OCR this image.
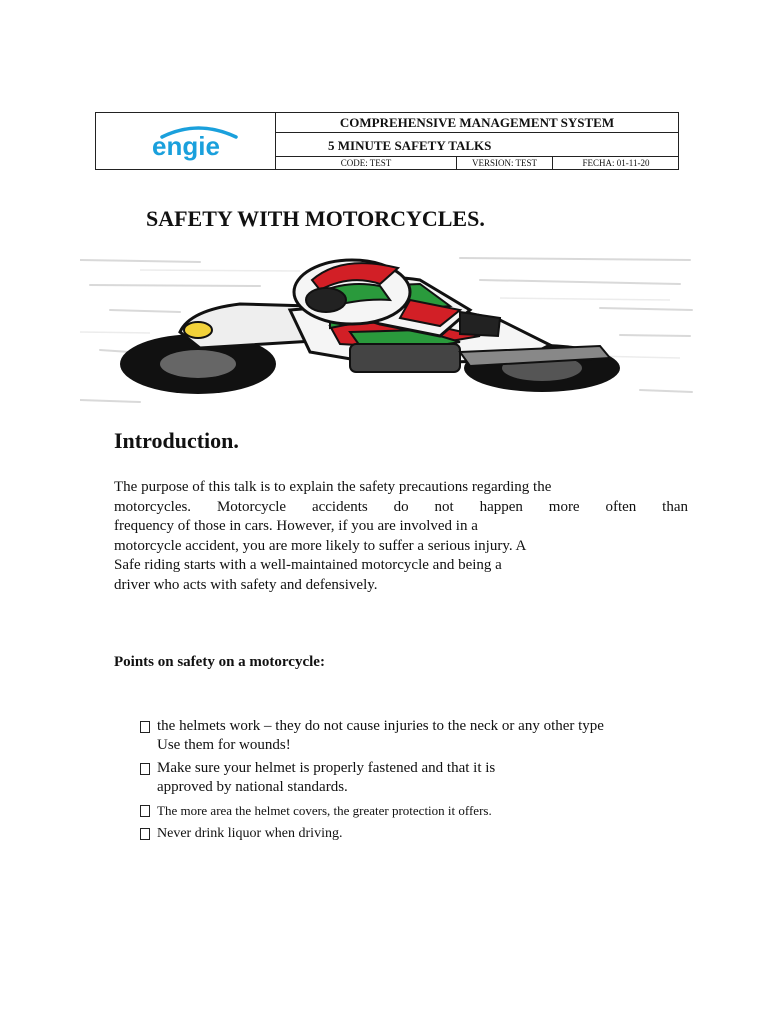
engie
COMPREHENSIVE MANAGEMENT SYSTEM
5 MINUTE SAFETY TALKS
CODE: TEST	VERSION: TEST	FECHA: 01-11-20
SAFETY WITH MOTORCYCLES.
Introduction.
The purpose of this talk is to explain the safety precautions regarding the
motorcycles. Motorcycle accidents do not happen more often than
frequency of those in cars. However, if you are involved in a
motorcycle accident, you are more likely to suffer a serious injury. A
Safe riding starts with a well-maintained motorcycle and being a
driver who acts with safety and defensively.
Points on safety on a motorcycle:
the helmets work – they do not cause injuries to the neck or any other type
Use them for wounds!
Make sure your helmet is properly fastened and that it is
approved by national standards.
The more area the helmet covers, the greater protection it offers.
Never drink liquor when driving.
